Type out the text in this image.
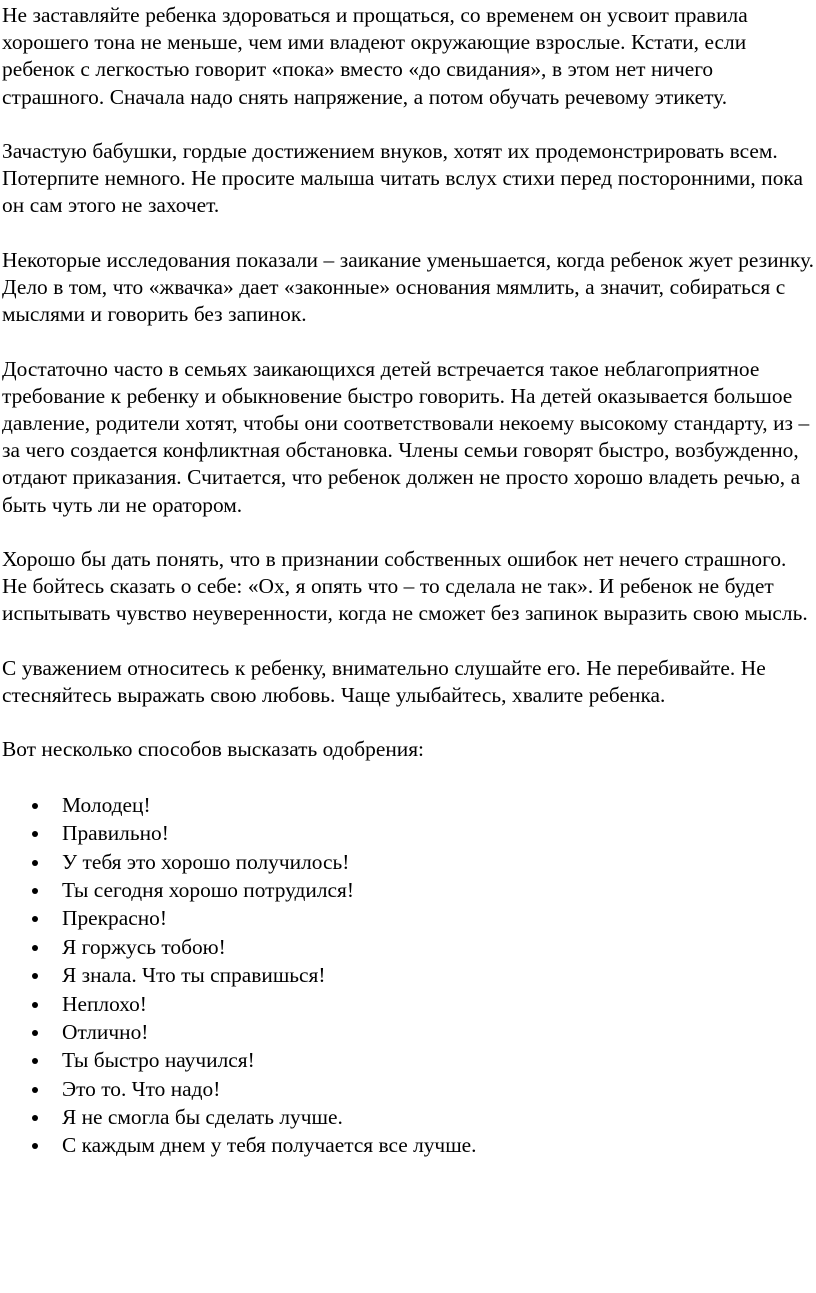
Не заставляйте ребенка здороваться и прощаться, со временем он усвоит правила хорошего тона не меньше, чем ими владеют окружающие взрослые. Кстати, если ребенок с легкостью говорит «пока» вместо «до свидания», в этом нет ничего страшного. Сначала надо снять напряжение, а потом обучать речевому этикету.

Зачастую бабушки, гордые достижением внуков, хотят их продемонстрировать всем. Потерпите немного. Не просите малыша читать вслух стихи перед посторонними, пока он сам этого не захочет.

Некоторые исследования показали – заикание уменьшается, когда ребенок жует резинку. Дело в том, что «жвачка» дает «законные» основания мямлить, а значит, собираться с мыслями и говорить без запинок.

Достаточно часто в семьях заикающихся детей встречается такое неблагоприятное требование к ребенку и обыкновение быстро говорить. На детей оказывается большое давление, родители хотят, чтобы они соответствовали некоему высокому стандарту, из – за чего создается конфликтная обстановка. Члены семьи говорят быстро, возбужденно, отдают приказания. Считается, что ребенок должен не просто хорошо владеть речью, а быть чуть ли не оратором.

Хорошо бы дать понять, что в признании собственных ошибок нет нечего страшного. Не бойтесь сказать о себе: «Ох, я опять что – то сделала не так». И ребенок не будет испытывать чувство неуверенности, когда не сможет без запинок выразить свою мысль.

С уважением относитесь к ребенку, внимательно слушайте его. Не перебивайте. Не стесняйтесь выражать свою любовь. Чаще улыбайтесь, хвалите ребенка.

Вот несколько способов высказать одобрения:

Молодец!
Правильно!
У тебя это хорошо получилось!
Ты сегодня хорошо потрудился!
Прекрасно!
Я горжусь тобою!
Я знала. Что ты справишься!
Неплохо!
Отлично!
Ты быстро научился!
Это то. Что надо!
Я не смогла бы сделать лучше.
С каждым днем у тебя получается все лучше.
